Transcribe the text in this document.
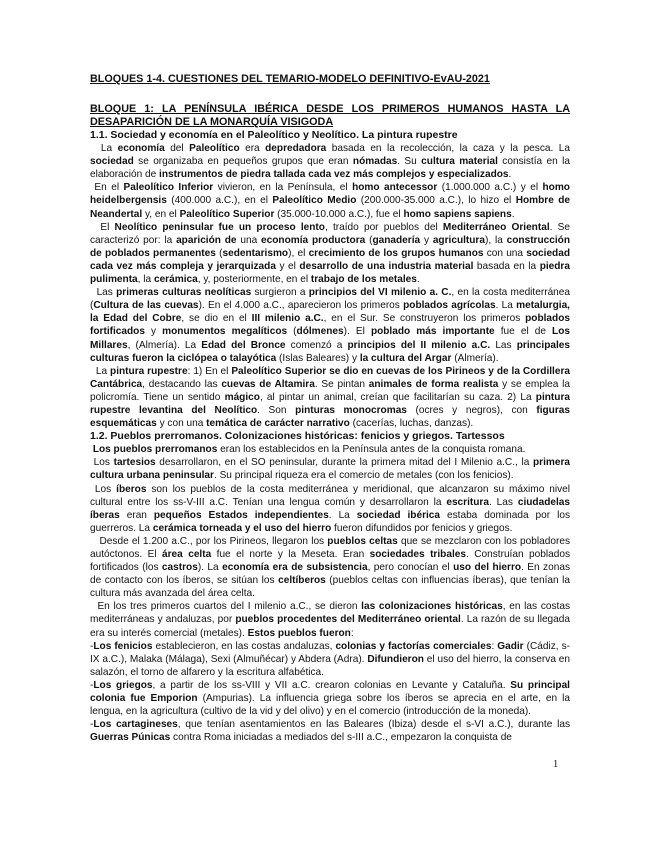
BLOQUES 1-4. CUESTIONES DEL TEMARIO-MODELO DEFINITIVO-EvAU-2021
BLOQUE 1: LA PENÍNSULA IBÉRICA DESDE LOS PRIMEROS HUMANOS HASTA LA DESAPARICIÓN DE LA MONARQUÍA VISIGODA

1.1. Sociedad y economía en el Paleolítico y Neolítico. La pintura rupestre

La economía del Paleolítico era depredadora basada en la recolección, la caza y la pesca. La sociedad se organizaba en pequeños grupos que eran nómadas. Su cultura material consistía en la elaboración de instrumentos de piedra tallada cada vez más complejos y especializados.

En el Paleolítico Inferior vivieron, en la Península, el homo antecessor (1.000.000 a.C.) y el homo heidelbergensis (400.000 a.C.), en el Paleolítico Medio (200.000-35.000 a.C.), lo hizo el Hombre de Neandertal y, en el Paleolítico Superior (35.000-10.000 a.C.), fue el homo sapiens sapiens.

El Neolítico peninsular fue un proceso lento, traído por pueblos del Mediterráneo Oriental. Se caracterizó por: la aparición de una economía productora (ganadería y agricultura), la construcción de poblados permanentes (sedentarismo), el crecimiento de los grupos humanos con una sociedad cada vez más compleja y jerarquizada y el desarrollo de una industria material basada en la piedra pulimenta, la cerámica, y, posteriormente, en el trabajo de los metales.

Las primeras culturas neolíticas surgieron a principios del VI milenio a. C., en la costa mediterránea (Cultura de las cuevas). En el 4.000 a.C., aparecieron los primeros poblados agrícolas. La metalurgia, la Edad del Cobre, se dio en el III milenio a.C., en el Sur. Se construyeron los primeros poblados fortificados y monumentos megalíticos (dólmenes). El poblado más importante fue el de Los Millares, (Almería). La Edad del Bronce comenzó a principios del II milenio a.C. Las principales culturas fueron la ciclópea o talayótica (Islas Baleares) y la cultura del Argar (Almería).

La pintura rupestre: 1) En el Paleolítico Superior se dio en cuevas de los Pirineos y de la Cordillera Cantábrica, destacando las cuevas de Altamira. Se pintan animales de forma realista y se emplea la policromía. Tiene un sentido mágico, al pintar un animal, creían que facilitarían su caza. 2) La pintura rupestre levantina del Neolítico. Son pinturas monocromas (ocres y negros), con figuras esquemáticas y con una temática de carácter narrativo (cacerías, luchas, danzas).

1.2. Pueblos prerromanos. Colonizaciones históricas: fenicios y griegos. Tartessos

Los pueblos prerromanos eran los establecidos en la Península antes de la conquista romana.

Los tartesios desarrollaron, en el SO peninsular, durante la primera mitad del I Milenio a.C., la primera cultura urbana peninsular. Su principal riqueza era el comercio de metales (con los fenicios).

Los íberos son los pueblos de la costa mediterránea y meridional, que alcanzaron su máximo nivel cultural entre los ss-V-III a.C. Tenían una lengua común y desarrollaron la escritura. Las ciudadelas íberas eran pequeños Estados independientes. La sociedad ibérica estaba dominada por los guerreros. La cerámica torneada y el uso del hierro fueron difundidos por fenicios y griegos.

Desde el 1.200 a.C., por los Pirineos, llegaron los pueblos celtas que se mezclaron con los pobladores autóctonos. El área celta fue el norte y la Meseta. Eran sociedades tribales. Construían poblados fortificados (los castros). La economía era de subsistencia, pero conocían el uso del hierro. En zonas de contacto con los íberos, se sitúan los celtíberos (pueblos celtas con influencias íberas), que tenían la cultura más avanzada del área celta.

En los tres primeros cuartos del I milenio a.C., se dieron las colonizaciones históricas, en las costas mediterráneas y andaluzas, por pueblos procedentes del Mediterráneo oriental. La razón de su llegada era su interés comercial (metales). Estos pueblos fueron:

-Los fenicios establecieron, en las costas andaluzas, colonias y factorías comerciales: Gadir (Cádiz, s-IX a.C.), Malaka (Málaga), Sexi (Almuñécar) y Abdera (Adra). Difundieron el uso del hierro, la conserva en salazón, el torno de alfarero y la escritura alfabética.

-Los griegos, a partir de los ss-VIII y VII a.C. crearon colonias en Levante y Cataluña. Su principal colonia fue Emporion (Ampurias). La influencia griega sobre los íberos se aprecia en el arte, en la lengua, en la agricultura (cultivo de la vid y del olivo) y en el comercio (introducción de la moneda).

-Los cartagineses, que tenían asentamientos en las Baleares (Ibiza) desde el s-VI a.C.), durante las Guerras Púnicas contra Roma iniciadas a mediados del s-III a.C., empezaron la conquista de

1
